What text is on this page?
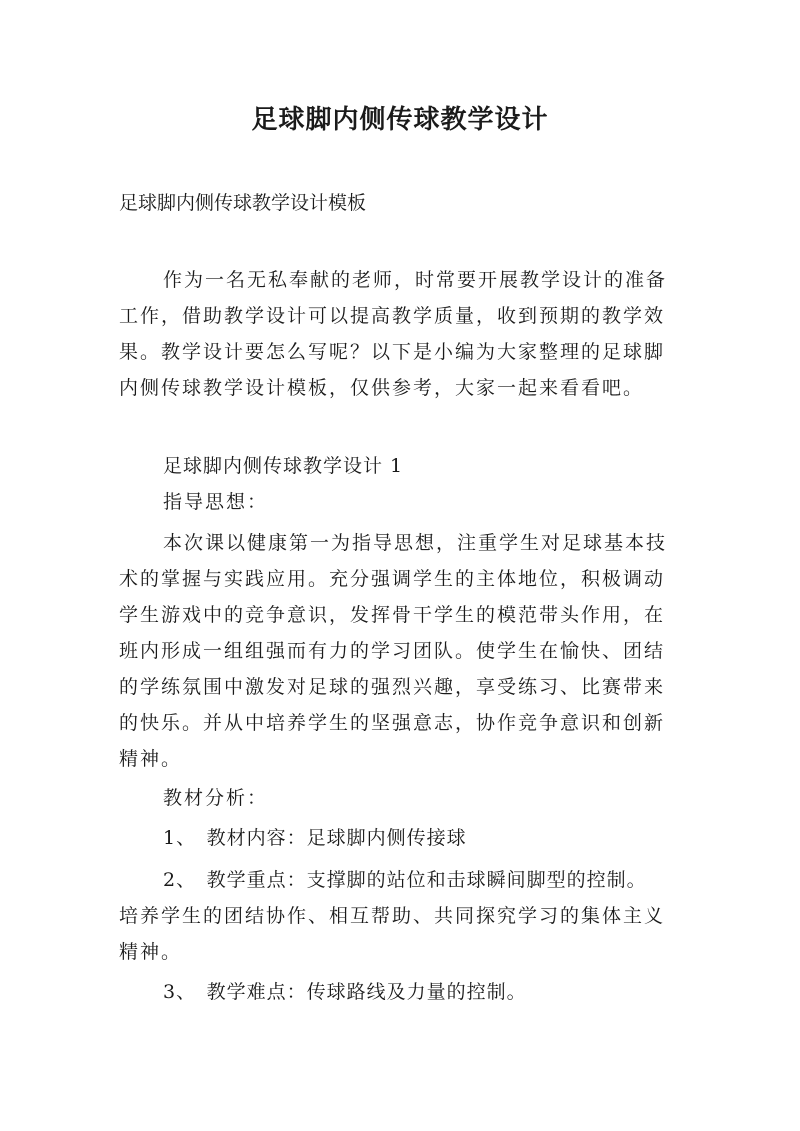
足球脚内侧传球教学设计

足球脚内侧传球教学设计模板

作为一名无私奉献的老师，时常要开展教学设计的准备

工作，借助教学设计可以提高教学质量，收到预期的教学效

果。教学设计要怎么写呢？以下是小编为大家整理的足球脚

内侧传球教学设计模板，仅供参考，大家一起来看看吧。

足球脚内侧传球教学设计 1

指导思想：

本次课以健康第一为指导思想，注重学生对足球基本技

术的掌握与实践应用。充分强调学生的主体地位，积极调动

学生游戏中的竞争意识，发挥骨干学生的模范带头作用，在

班内形成一组组强而有力的学习团队。使学生在愉快、团结

的学练氛围中激发对足球的强烈兴趣，享受练习、比赛带来

的快乐。并从中培养学生的坚强意志，协作竞争意识和创新

精神。

教材分析：

1、　教材内容：足球脚内侧传接球

2、　教学重点：支撑脚的站位和击球瞬间脚型的控制。

培养学生的团结协作、相互帮助、共同探究学习的集体主义

精神。

3、　教学难点：传球路线及力量的控制。
